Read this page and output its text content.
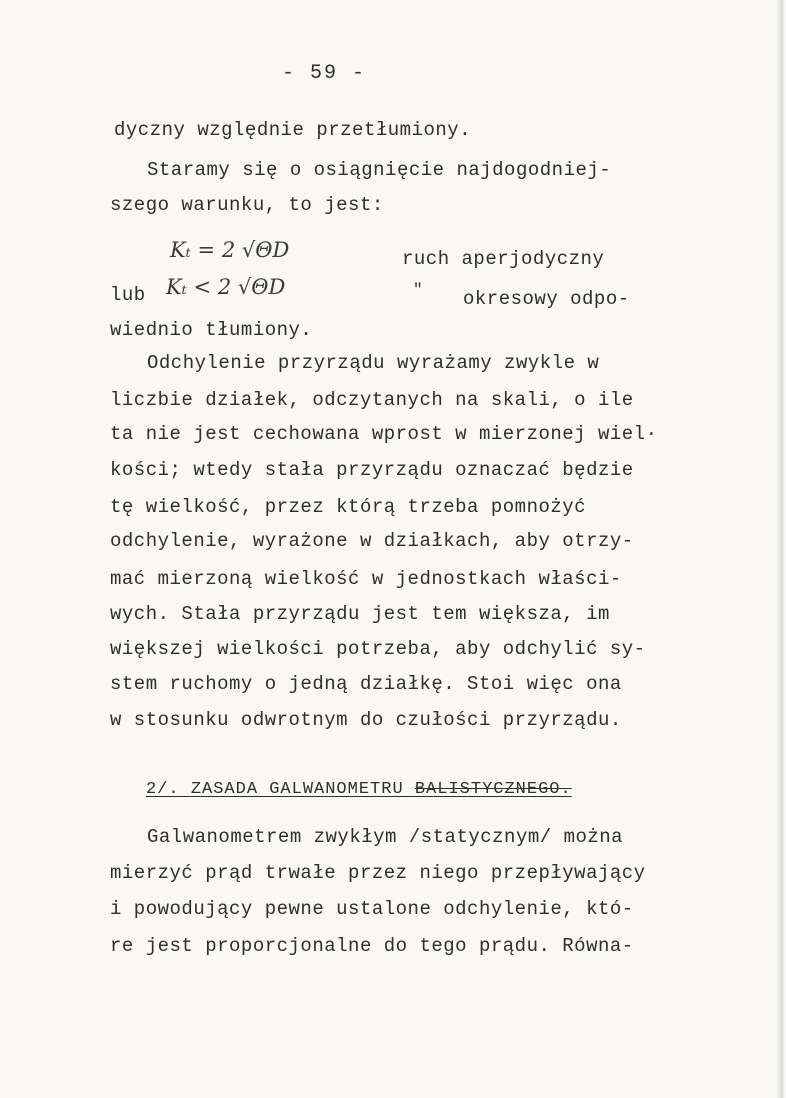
- 59 -
dyczny względnie przetłumiony.
Staramy się o osiągnięcie najdogodniej-
szego warunku, to jest:
Kₜ = 2 √ΘD	ruch aperjodyczny
lub Kₜ < 2 √ΘD	" okresowy odpo-
wiednio tłumiony.
Odchylenie przyrządu wyrażamy zwykle w
liczbie działek, odczytanych na skali, o ile
ta nie jest cechowana wprost w mierzonej wiel·
kości; wtedy stała przyrządu oznaczać będzie
tę wielkość, przez którą trzeba pomnożyć
odchylenie, wyrażone w działkach, aby otrzy-
mać mierzoną wielkość w jednostkach właści-
wych. Stała przyrządu jest tem większa, im
większej wielkości potrzeba, aby odchylić sy-
stem ruchomy o jedną działkę. Stoi więc ona
w stosunku odwrotnym do czułości przyrządu.
2/. ZASADA GALWANOMETRU BALISTYCZNEGO.
Galwanometrem zwykłym /statycznym/ można
mierzyć prąd trwałe przez niego przepływający
i powodujący pewne ustalone odchylenie, któ-
re jest proporcjonalne do tego prądu. Równa-
